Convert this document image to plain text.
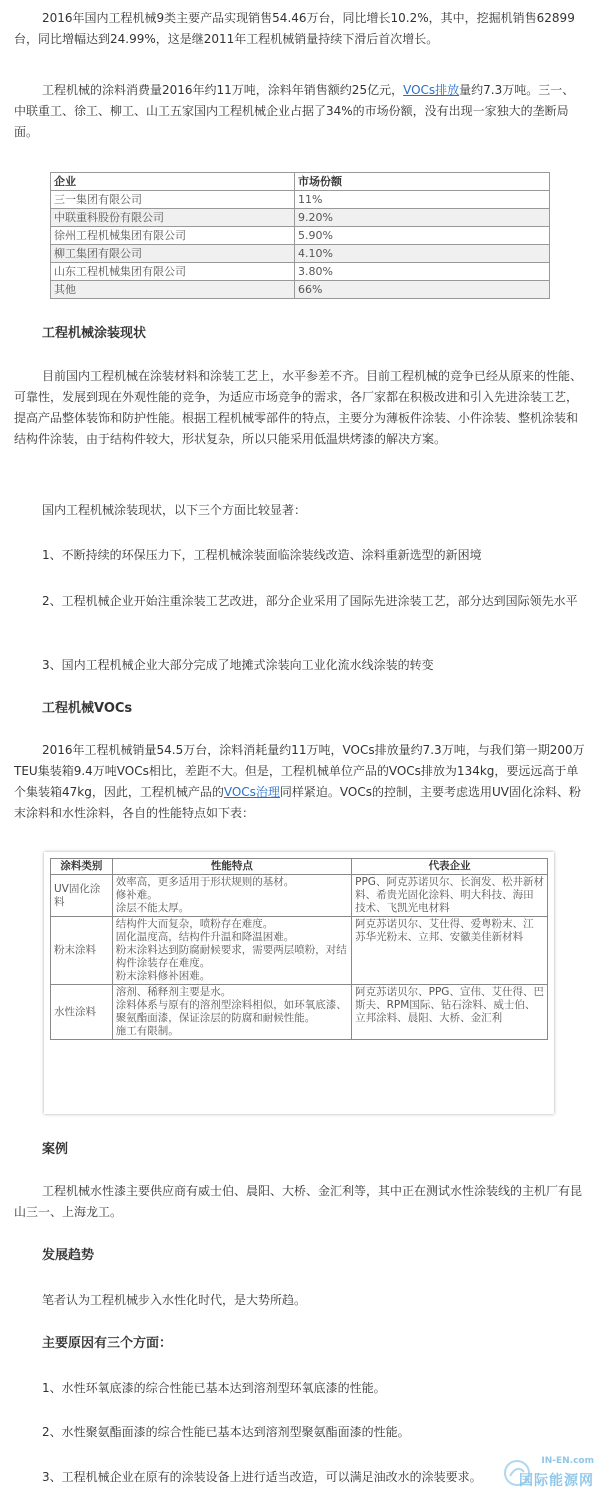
2016年国内工程机械9类主要产品实现销售54.46万台，同比增长10.2%，其中，挖掘机销售62899台，同比增幅达到24.99%，这是继2011年工程机械销量持续下滑后首次增长。

工程机械的涂料消费量2016年约11万吨，涂料年销售额约25亿元，VOCs排放量约7.3万吨。三一、中联重工、徐工、柳工、山工五家国内工程机械企业占据了34%的市场份额，没有出现一家独大的垄断局面。

企业	市场份额
三一集团有限公司	11%
中联重科股份有限公司	9.20%
徐州工程机械集团有限公司	5.90%
柳工集团有限公司	4.10%
山东工程机械集团有限公司	3.80%
其他	66%
工程机械涂装现状

目前国内工程机械在涂装材料和涂装工艺上，水平参差不齐。目前工程机械的竞争已经从原来的性能、可靠性，发展到现在外观性能的竞争，为适应市场竞争的需求，各厂家都在积极改进和引入先进涂装工艺，提高产品整体装饰和防护性能。根据工程机械零部件的特点，主要分为薄板件涂装、小件涂装、整机涂装和结构件涂装，由于结构件较大，形状复杂，所以只能采用低温烘烤漆的解决方案。

国内工程机械涂装现状，以下三个方面比较显著：

1、不断持续的环保压力下，工程机械涂装面临涂装线改造、涂料重新选型的新困境

2、工程机械企业开始注重涂装工艺改进，部分企业采用了国际先进涂装工艺，部分达到国际领先水平

3、国内工程机械企业大部分完成了地摊式涂装向工业化流水线涂装的转变

工程机械VOCs

2016年工程机械销量54.5万台，涂料消耗量约11万吨，VOCs排放量约7.3万吨，与我们第一期200万TEU集装箱9.4万吨VOCs相比，差距不大。但是，工程机械单位产品的VOCs排放为134kg，要远远高于单个集装箱47kg，因此，工程机械产品的VOCs治理同样紧迫。VOCs的控制，主要考虑选用UV固化涂料、粉末涂料和水性涂料，各自的性能特点如下表：

涂料类别	性能特点	代表企业
UV固化涂料	效率高，更多适用于形状规则的基材。
修补难。
涂层不能太厚。	PPG、阿克苏诺贝尔、长润发、松井新材料、希贵光固化涂料、明大科技、海田技术、飞凯光电材料
粉末涂料	结构件大而复杂，喷粉存在难度。
固化温度高，结构件升温和降温困难。
粉末涂料达到防腐耐候要求，需要两层喷粉，对结构件涂装存在难度。
粉末涂料修补困难。	阿克苏诺贝尔、艾仕得、爱粤粉末、江苏华光粉末、立邦、安徽美佳新材料
水性涂料	溶剂、稀释剂主要是水。
涂料体系与原有的溶剂型涂料相似，如环氧底漆、聚氨酯面漆，保证涂层的防腐和耐候性能。
施工有限制。	阿克苏诺贝尔、PPG、宣伟、艾仕得、巴斯夫、RPM国际、钻石涂料、威士伯、立邦涂料、晨阳、大桥、金汇利
案例

工程机械水性漆主要供应商有威士伯、晨阳、大桥、金汇利等，其中正在测试水性涂装线的主机厂有昆山三一、上海龙工。

发展趋势

笔者认为工程机械步入水性化时代，是大势所趋。

主要原因有三个方面：

1、水性环氧底漆的综合性能已基本达到溶剂型环氧底漆的性能。

2、水性聚氨酯面漆的综合性能已基本达到溶剂型聚氨酯面漆的性能。

3、工程机械企业在原有的涂装设备上进行适当改造，可以满足油改水的涂装要求。

IN-EN.com
国际能源网
